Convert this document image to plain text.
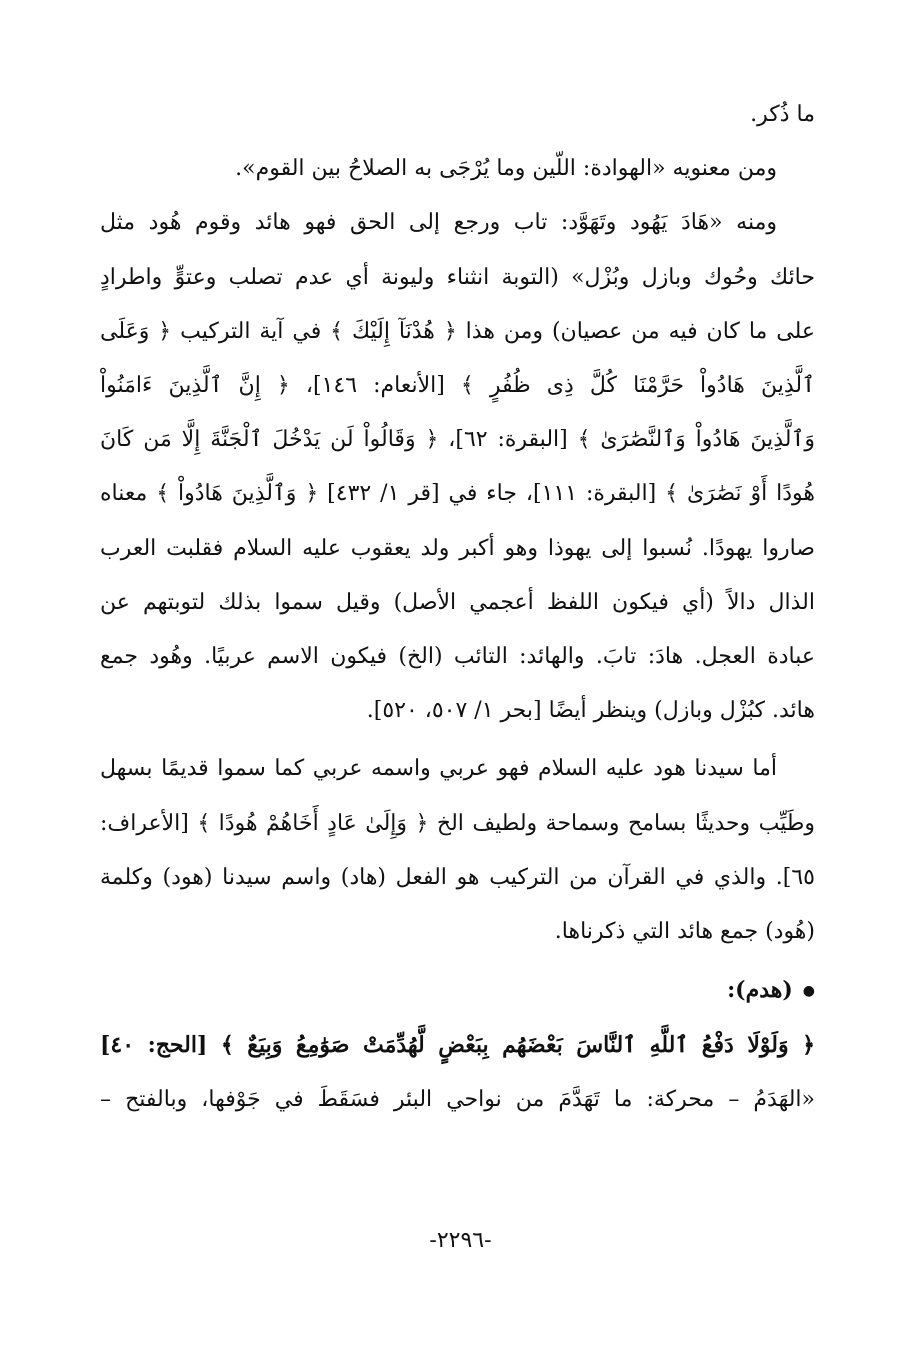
ما ذُكر.
ومن معنويه «الهوادة: اللّين وما يُرْجَى به الصلاحُ بين القوم».
ومنه «هَادَ يَهُود وتَهَوَّد: تاب ورجع إلى الحق فهو هائد وقوم هُود مثل
حائك وحُوك وبازل وبُزْل» (التوبة انثناء وليونة أي عدم تصلب وعتوٍّ واطرادٍ
على ما كان فيه من عصيان) ومن هذا ﴿ هُدْنَآ إِلَيْكَ ﴾ في آية التركيب ﴿ وَعَلَى
ٱلَّذِينَ هَادُواْ حَرَّمْنَا كُلَّ ذِى ظُفُرٍ ﴾ [الأنعام: ١٤٦]، ﴿ إِنَّ ٱلَّذِينَ ءَامَنُواْ
وَٱلَّذِينَ هَادُواْ وَٱلنَّصَٰرَىٰ ﴾ [البقرة: ٦٢]، ﴿ وَقَالُواْ لَن يَدْخُلَ ٱلْجَنَّةَ إِلَّا مَن كَانَ
هُودًا أَوْ نَصَٰرَىٰ ﴾ [البقرة: ١١١]، جاء في [قر ١/ ٤٣٢] ﴿ وَٱلَّذِينَ هَادُواْ ﴾ معناه
صاروا يهودًا. نُسبوا إلى يهوذا وهو أكبر ولد يعقوب عليه السلام فقلبت العرب
الذال دالاً (أي فيكون اللفظ أعجمي الأصل) وقيل سموا بذلك لتوبتهم عن
عبادة العجل. هادَ: تابَ. والهائد: التائب (الخ) فيكون الاسم عربيًا. وهُود جمع
هائد. كبُزْل وبازل) وينظر أيضًا [بحر ١/ ٥٠٧، ٥٢٠].
أما سيدنا هود عليه السلام فهو عربي واسمه عربي كما سموا قديمًا بسهل
وطَيِّب وحديثًا بسامح وسماحة ولطيف الخ ﴿ وَإِلَىٰ عَادٍ أَخَاهُمْ هُودًا ﴾ [الأعراف:
٦٥]. والذي في القرآن من التركيب هو الفعل (هاد) واسم سيدنا (هود) وكلمة
(هُود) جمع هائد التي ذكرناها.
●(هدم):
﴿ وَلَوْلَا دَفْعُ ٱللَّهِ ٱلنَّاسَ بَعْضَهُم بِبَعْضٍ لَّهُدِّمَتْ صَوَٰمِعُ وَبِيَعٌ ﴾ [الحج: ٤٠]
«الهَدَمُ – محركة: ما تَهَدَّمَ من نواحي البئر فسَقَطَ في جَوْفها، وبالفتح –
-٢٢٩٦-
